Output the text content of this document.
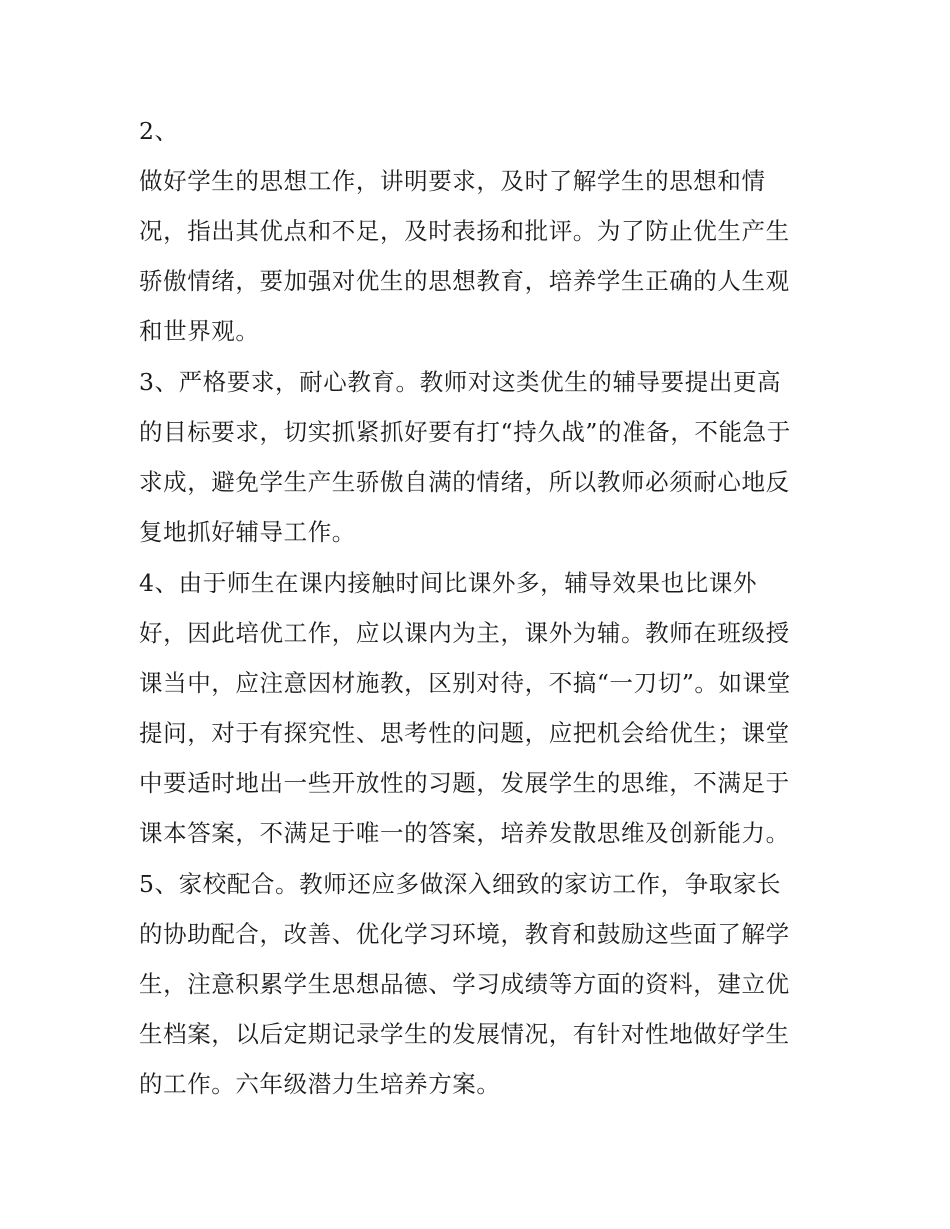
2、
做好学生的思想工作，讲明要求，及时了解学生的思想和情
况，指出其优点和不足，及时表扬和批评。为了防止优生产生
骄傲情绪，要加强对优生的思想教育，培养学生正确的人生观
和世界观。
3、严格要求，耐心教育。教师对这类优生的辅导要提出更高
的目标要求，切实抓紧抓好要有打“持久战”的准备，不能急于
求成，避免学生产生骄傲自满的情绪，所以教师必须耐心地反
复地抓好辅导工作。
4、由于师生在课内接触时间比课外多，辅导效果也比课外
好，因此培优工作，应以课内为主，课外为辅。教师在班级授
课当中，应注意因材施教，区别对待，不搞“一刀切”。如课堂
提问，对于有探究性、思考性的问题，应把机会给优生；课堂
中要适时地出一些开放性的习题，发展学生的思维，不满足于
课本答案，不满足于唯一的答案，培养发散思维及创新能力。
5、家校配合。教师还应多做深入细致的家访工作，争取家长
的协助配合，改善、优化学习环境，教育和鼓励这些面了解学
生，注意积累学生思想品德、学习成绩等方面的资料，建立优
生档案，以后定期记录学生的发展情况，有针对性地做好学生
的工作。六年级潜力生培养方案。
